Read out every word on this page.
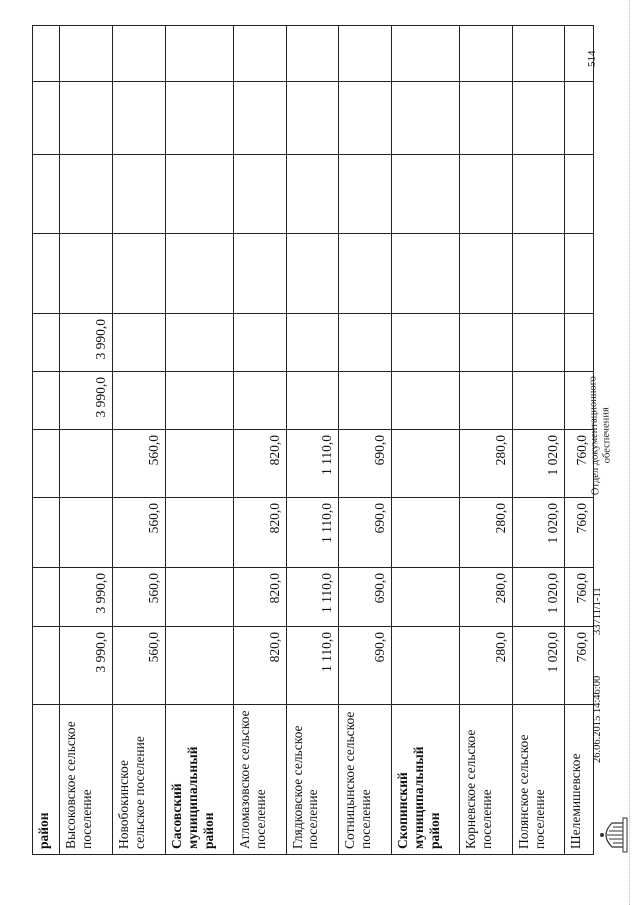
район										
Высоковское сельское поселение	3 990,0	3 990,0			3 990,0	3 990,0				
Новобокинское сельское поселение	560,0	560,0	560,0	560,0						
Сасовский муниципальный район										
Агломазовское сельское поселение	820,0	820,0	820,0	820,0						
Глядковское сельское поселение	1 110,0	1 110,0	1 110,0	1 110,0						
Сотницынское сельское поселение	690,0	690,0	690,0	690,0						
Скопинский муниципальный район										
Корневское сельское поселение	280,0	280,0	280,0	280,0						
Полянское сельское поселение	1 020,0	1 020,0	1 020,0	1 020,0						
Шелемишевское	760,0	760,0	760,0	760,0						
514
26.06.2015 14:46:00
33711/1-11
Отдел документационного
обеспечения
